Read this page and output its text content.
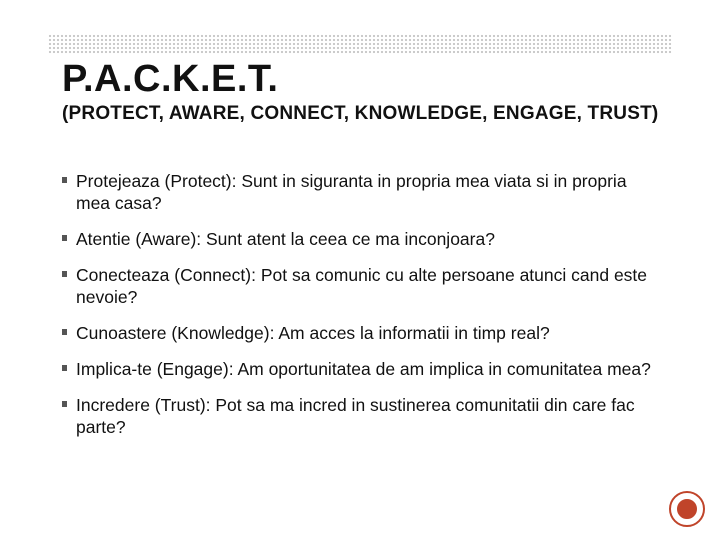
P.A.C.K.E.T.
(PROTECT, AWARE, CONNECT, KNOWLEDGE, ENGAGE, TRUST)
Protejeaza (Protect): Sunt in siguranta in propria mea viata si in propria mea casa?
Atentie (Aware): Sunt atent la ceea ce ma inconjoara?
Conecteaza (Connect): Pot sa comunic cu alte persoane atunci cand este nevoie?
Cunoastere (Knowledge): Am acces la informatii in timp real?
Implica-te (Engage): Am oportunitatea de am implica in comunitatea mea?
Incredere (Trust): Pot sa ma incred in sustinerea comunitatii din care fac parte?
